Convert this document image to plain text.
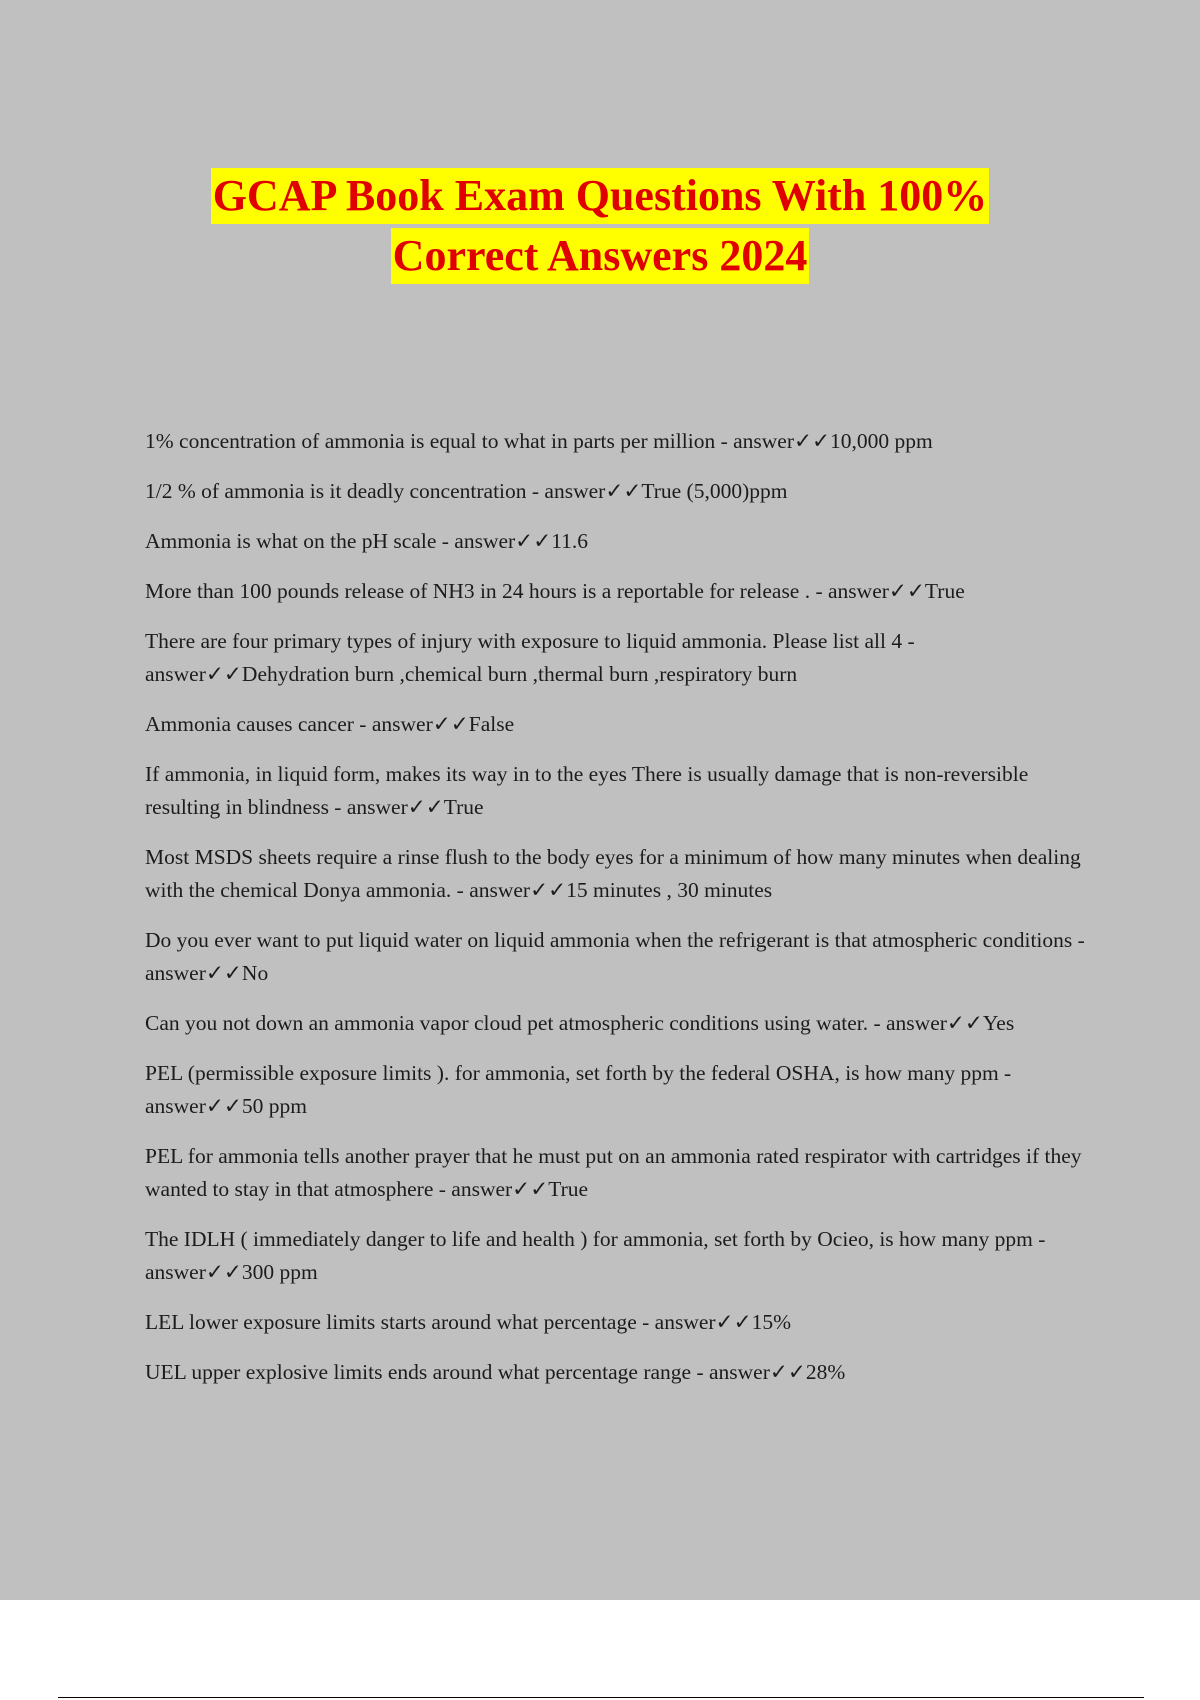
GCAP Book Exam Questions With 100%
Correct Answers 2024
1% concentration of ammonia is equal to what in parts per million - answer✓✓10,000 ppm
1/2 % of ammonia is it deadly concentration - answer✓✓True (5,000)ppm
Ammonia is what on the pH scale - answer✓✓11.6
More than 100 pounds release of NH3 in 24 hours is a reportable for release . - answer✓✓True
There are four primary types of injury with exposure to liquid ammonia. Please list all 4 - answer✓✓Dehydration burn ,chemical burn ,thermal burn ,respiratory burn
Ammonia causes cancer - answer✓✓False
If ammonia, in liquid form, makes its way in to the eyes There is usually damage that is non-reversible resulting in blindness - answer✓✓True
Most MSDS sheets require a rinse flush to the body eyes for a minimum of how many minutes when dealing with the chemical Donya ammonia. - answer✓✓15 minutes , 30 minutes
Do you ever want to put liquid water on liquid ammonia when the refrigerant is that atmospheric conditions - answer✓✓No
Can you not down an ammonia vapor cloud pet atmospheric conditions using water. - answer✓✓Yes
PEL (permissible exposure limits ). for ammonia, set forth by the federal OSHA, is how many ppm - answer✓✓50 ppm
PEL for ammonia tells another prayer that he must put on an ammonia rated respirator with cartridges if they wanted to stay in that atmosphere - answer✓✓True
The IDLH ( immediately danger to life and health ) for ammonia, set forth by Ocieo, is how many ppm - answer✓✓300 ppm
LEL lower exposure limits starts around what percentage - answer✓✓15%
UEL upper explosive limits ends around what percentage range - answer✓✓28%
